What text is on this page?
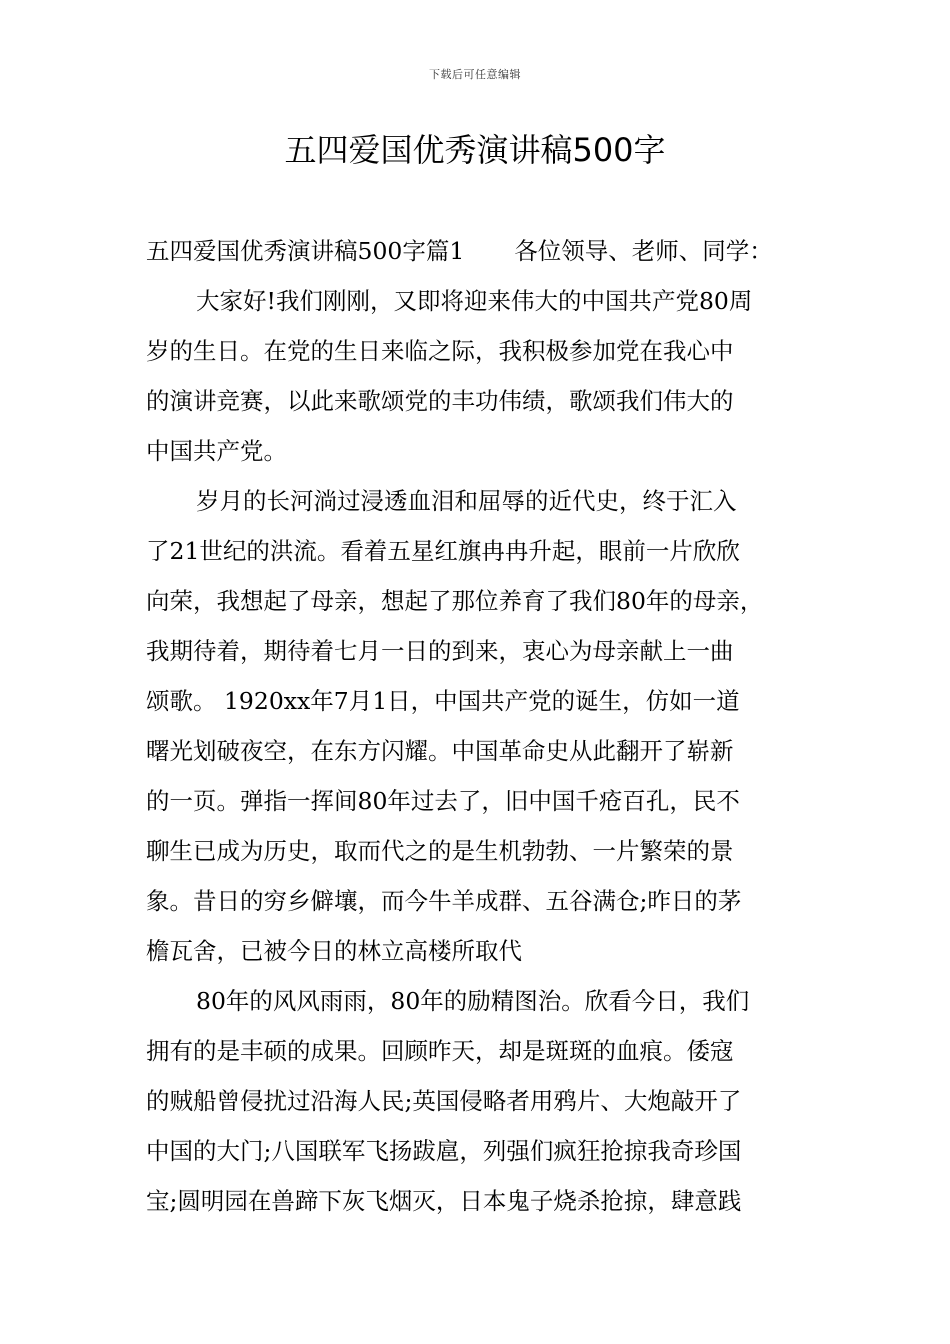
下载后可任意编辑
五四爱国优秀演讲稿500字
五四爱国优秀演讲稿500字篇1 各位领导、老师、同学：
大家好!我们刚刚，又即将迎来伟大的中国共产党80周
岁的生日。在党的生日来临之际，我积极参加党在我心中
的演讲竞赛，以此来歌颂党的丰功伟绩，歌颂我们伟大的
中国共产党。
岁月的长河淌过浸透血泪和屈辱的近代史，终于汇入
了21世纪的洪流。看着五星红旗冉冉升起，眼前一片欣欣
向荣，我想起了母亲，想起了那位养育了我们80年的母亲，
我期待着，期待着七月一日的到来，衷心为母亲献上一曲
颂歌。 1920xx年7月1日，中国共产党的诞生，仿如一道
曙光划破夜空，在东方闪耀。中国革命史从此翻开了崭新
的一页。弹指一挥间80年过去了，旧中国千疮百孔，民不
聊生已成为历史，取而代之的是生机勃勃、一片繁荣的景
象。昔日的穷乡僻壤，而今牛羊成群、五谷满仓;昨日的茅
檐瓦舍，已被今日的林立高楼所取代
80年的风风雨雨，80年的励精图治。欣看今日，我们
拥有的是丰硕的成果。回顾昨天，却是斑斑的血痕。倭寇
的贼船曾侵扰过沿海人民;英国侵略者用鸦片、大炮敲开了
中国的大门;八国联军飞扬跋扈，列强们疯狂抢掠我奇珍国
宝;圆明园在兽蹄下灰飞烟灭，日本鬼子烧杀抢掠，肆意践
